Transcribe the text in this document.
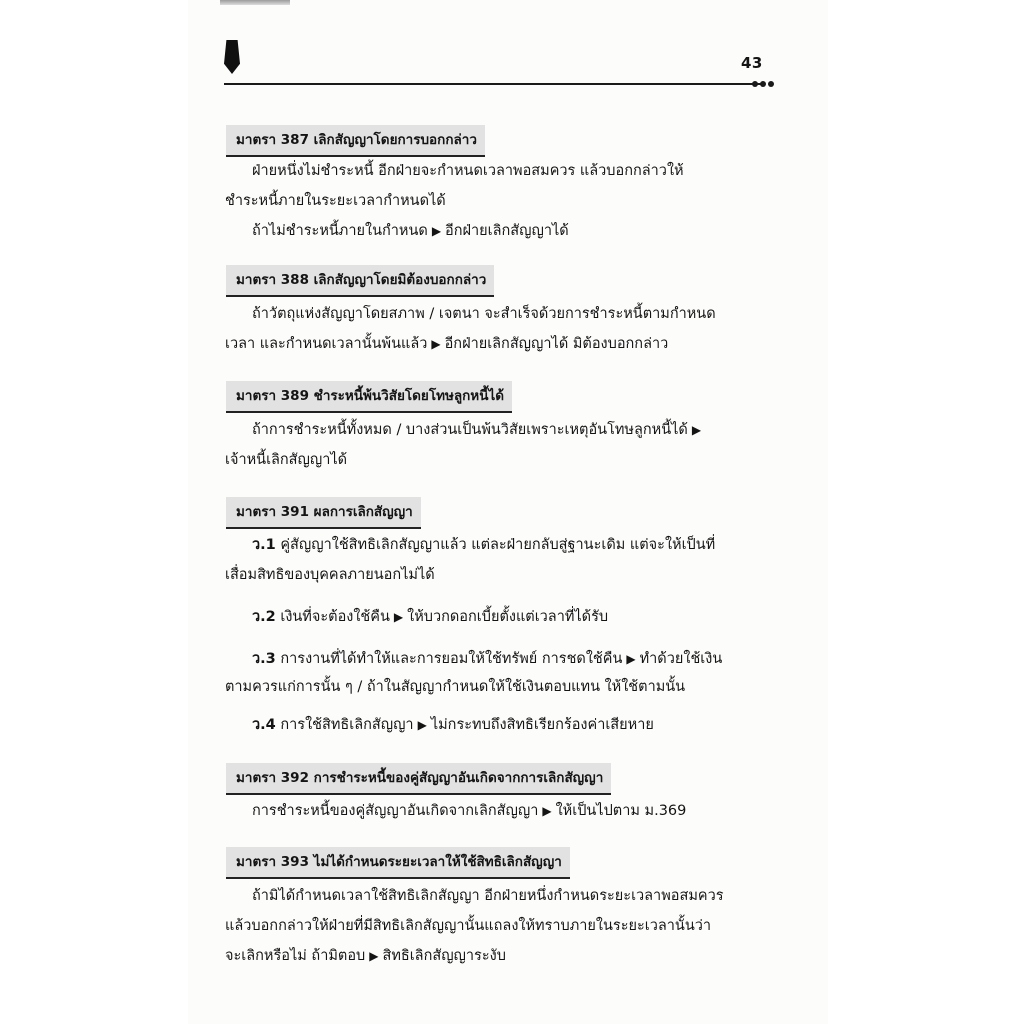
43
มาตรา 387 เลิกสัญญาโดยการบอกกล่าว
ฝ่ายหนึ่งไม่ชำระหนี้ อีกฝ่ายจะกำหนดเวลาพอสมควร แล้วบอกกล่าวให้
ชำระหนี้ภายในระยะเวลากำหนดได้
ถ้าไม่ชำระหนี้ภายในกำหนด ▶ อีกฝ่ายเลิกสัญญาได้
มาตรา 388 เลิกสัญญาโดยมิต้องบอกกล่าว
ถ้าวัตถุแห่งสัญญาโดยสภาพ / เจตนา จะสำเร็จด้วยการชำระหนี้ตามกำหนด
เวลา และกำหนดเวลานั้นพ้นแล้ว ▶ อีกฝ่ายเลิกสัญญาได้ มิต้องบอกกล่าว
มาตรา 389 ชำระหนี้พ้นวิสัยโดยโทษลูกหนี้ได้
ถ้าการชำระหนี้ทั้งหมด / บางส่วนเป็นพ้นวิสัยเพราะเหตุอันโทษลูกหนี้ได้ ▶
เจ้าหนี้เลิกสัญญาได้
มาตรา 391 ผลการเลิกสัญญา
ว.1 คู่สัญญาใช้สิทธิเลิกสัญญาแล้ว แต่ละฝ่ายกลับสู่ฐานะเดิม แต่จะให้เป็นที่
เสื่อมสิทธิของบุคคลภายนอกไม่ได้
ว.2 เงินที่จะต้องใช้คืน ▶ ให้บวกดอกเบี้ยตั้งแต่เวลาที่ได้รับ
ว.3 การงานที่ได้ทำให้และการยอมให้ใช้ทรัพย์ การชดใช้คืน ▶ ทำด้วยใช้เงิน
ตามควรแก่การนั้น ๆ / ถ้าในสัญญากำหนดให้ใช้เงินตอบแทน ให้ใช้ตามนั้น
ว.4 การใช้สิทธิเลิกสัญญา ▶ ไม่กระทบถึงสิทธิเรียกร้องค่าเสียหาย
มาตรา 392 การชำระหนี้ของคู่สัญญาอันเกิดจากการเลิกสัญญา
การชำระหนี้ของคู่สัญญาอันเกิดจากเลิกสัญญา ▶ ให้เป็นไปตาม ม.369
มาตรา 393 ไม่ได้กำหนดระยะเวลาให้ใช้สิทธิเลิกสัญญา
ถ้ามิได้กำหนดเวลาใช้สิทธิเลิกสัญญา อีกฝ่ายหนึ่งกำหนดระยะเวลาพอสมควร
แล้วบอกกล่าวให้ฝ่ายที่มีสิทธิเลิกสัญญานั้นแถลงให้ทราบภายในระยะเวลานั้นว่า
จะเลิกหรือไม่ ถ้ามิตอบ ▶ สิทธิเลิกสัญญาระงับ
